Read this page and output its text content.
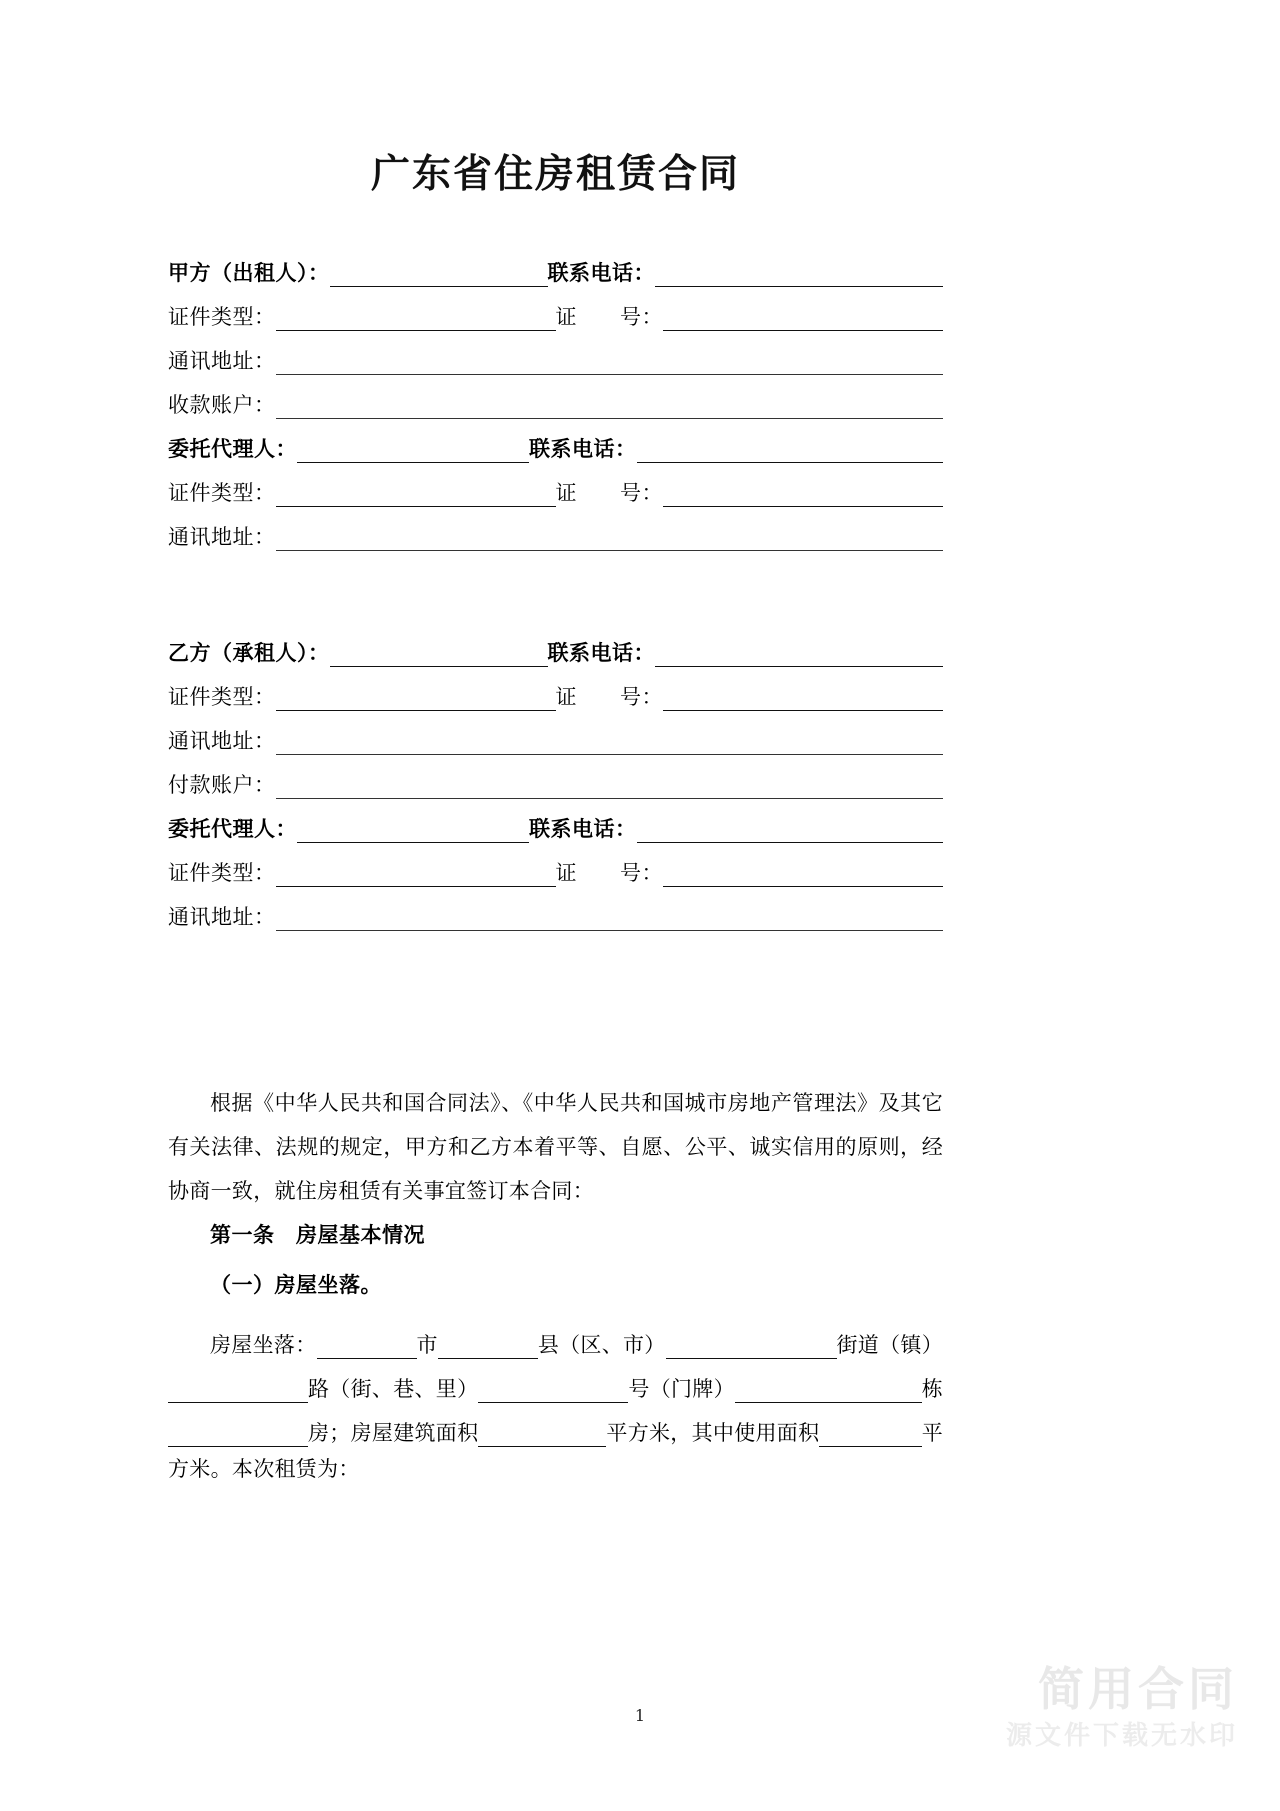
广东省住房租赁合同
甲方（出租人）：	联系电话：
证件类型：	证　　号：
通讯地址：
收款账户：
委托代理人：	联系电话：
证件类型：	证　　号：
通讯地址：
乙方（承租人）：	联系电话：
证件类型：	证　　号：
通讯地址：
付款账户：
委托代理人：	联系电话：
证件类型：	证　　号：
通讯地址：

根据《中华人民共和国合同法》、《中华人民共和国城市房地产管理法》及其它有关法律、法规的规定，甲方和乙方本着平等、自愿、公平、诚实信用的原则，经协商一致，就住房租赁有关事宜签订本合同：

第一条　房屋基本情况

（一）房屋坐落。

房屋坐落：	市	县（区、市）	街道（镇）
路（街、巷、里）	号（门牌）	栋
房；房屋建筑面积	平方米，其中使用面积	平

方米。本次租赁为：

简用合同
源文件下载无水印
1
